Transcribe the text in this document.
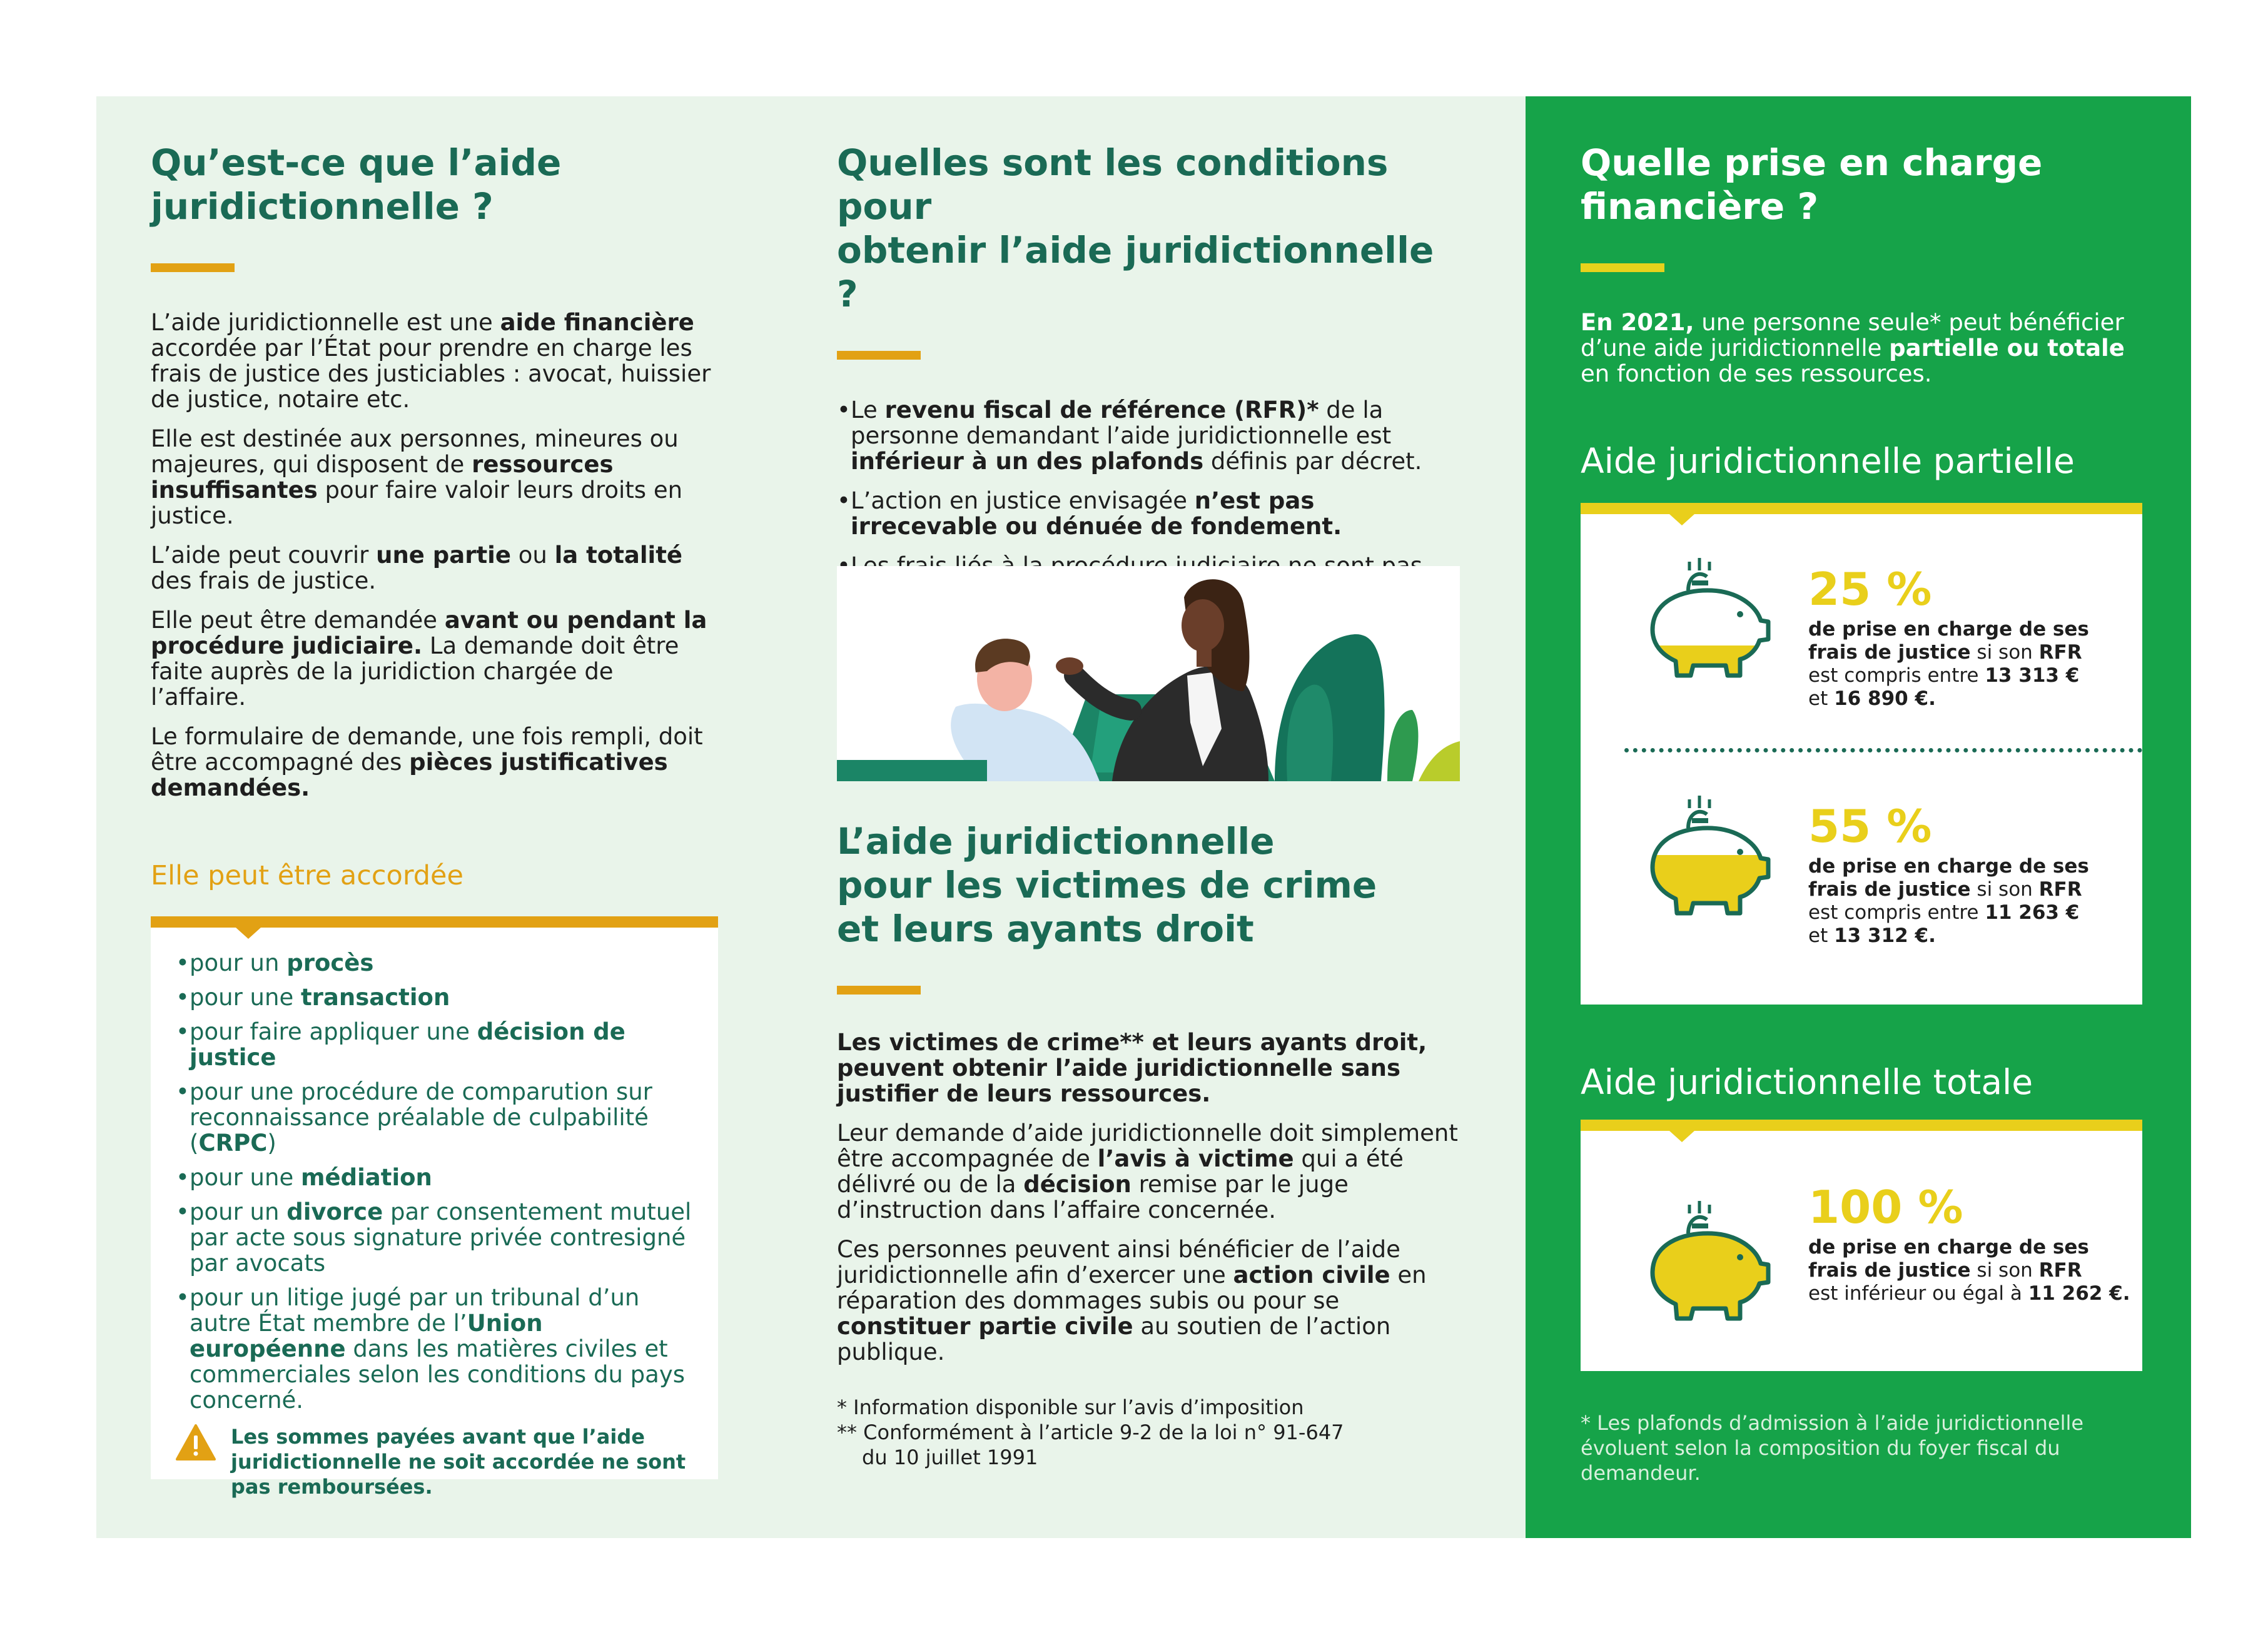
Qu’est-ce que l’aide
juridictionnelle ?

L’aide juridictionnelle est une aide financière accordée par l’État pour prendre en charge les frais de justice des justiciables : avocat, huissier de justice, notaire etc.

Elle est destinée aux personnes, mineures ou majeures, qui disposent de ressources insuffisantes pour faire valoir leurs droits en justice.

L’aide peut couvrir une partie ou la totalité des frais de justice.

Elle peut être demandée avant ou pendant la procédure judiciaire. La demande doit être faite auprès de la juridiction chargée de l’affaire.

Le formulaire de demande, une fois rempli, doit être accompagné des pièces justificatives demandées.

Elle peut être accordée
• pour un procès
• pour une transaction
• pour faire appliquer une décision de justice
• pour une procédure de comparution sur reconnaissance préalable de culpabilité (CRPC)
• pour une médiation
• pour un divorce par consentement mutuel par acte sous signature privée contresigné par avocats
• pour un litige jugé par un tribunal d’un autre État membre de l’Union européenne dans les matières civiles et commerciales selon les conditions du pays concerné.
Les sommes payées avant que l’aide juridictionnelle ne soit accordée ne sont pas remboursées.
Quelles sont les conditions pour
obtenir l’aide juridictionnelle ?
• Le revenu fiscal de référence (RFR)* de la personne demandant l’aide juridictionnelle est inférieur à un des plafonds définis par décret.
• L’action en justice envisagée n’est pas irrecevable ou dénuée de fondement.
L’aide juridictionnelle
pour les victimes de crime
et leurs ayants droit

Les victimes de crime** et leurs ayants droit, peuvent obtenir l’aide juridictionnelle sans justifier de leurs ressources.

Leur demande d’aide juridictionnelle doit simplement être accompagnée de l’avis à victime qui a été délivré ou de la décision remise par le juge d’instruction dans l’affaire concernée.

Ces personnes peuvent ainsi bénéficier de l’aide juridictionnelle afin d’exercer une action civile en réparation des dommages subis ou pour se constituer partie civile au soutien de l’action publique.

* Information disponible sur l’avis d’imposition
** Conformément à l’article 9-2 de la loi n° 91-647
du 10 juillet 1991
Quelle prise en charge
financière ?

En 2021, une personne seule* peut bénéficier d’une aide juridictionnelle partielle ou totale en fonction de ses ressources.

Aide juridictionnelle partielle
Aide juridictionnelle totale
25 %
de prise en charge de ses
frais de justice si son RFR
est compris entre 13 313 €
et 16 890 €.
55 %
de prise en charge de ses
frais de justice si son RFR
est compris entre 11 263 €
et 13 312 €.
100 %
de prise en charge de ses
frais de justice si son RFR
est inférieur ou égal à 11 262 €.
* Les plafonds d’admission à l’aide juridictionnelle évoluent selon la composition du foyer fiscal du demandeur.
